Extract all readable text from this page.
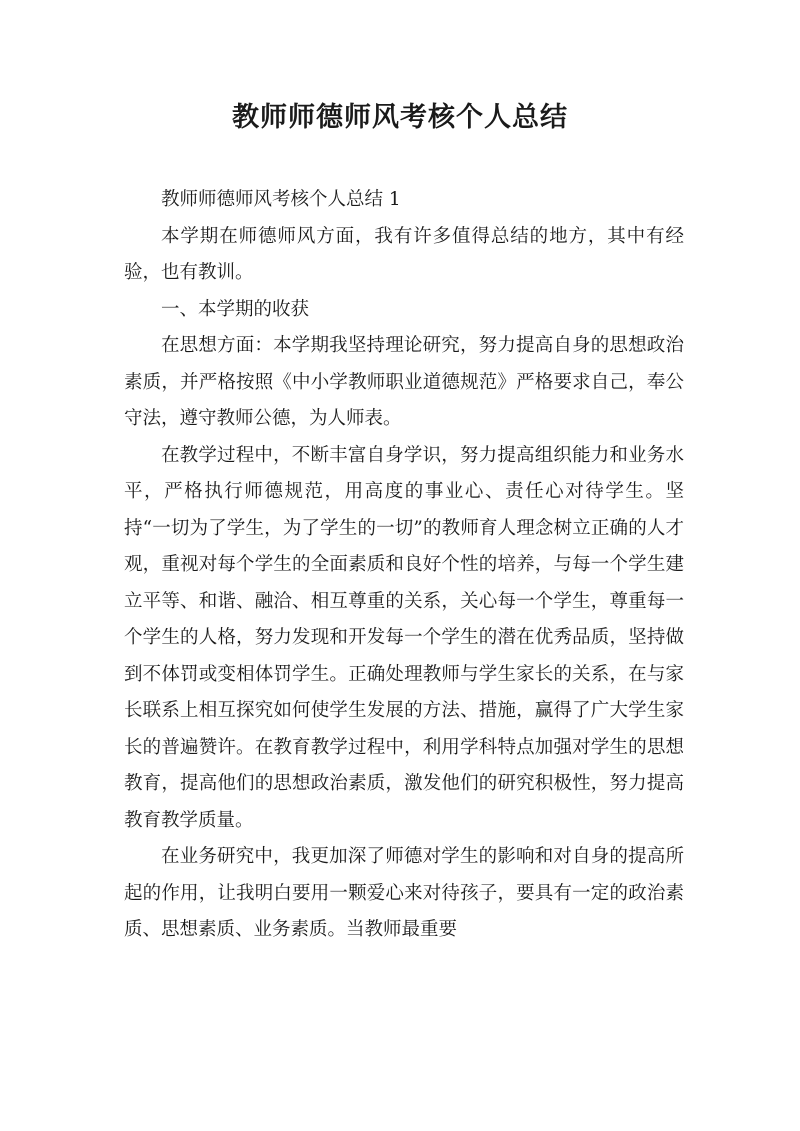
教师师德师风考核个人总结

教师师德师风考核个人总结 1

本学期在师德师风方面，我有许多值得总结的地方，其中有经验，也有教训。

一、本学期的收获

在思想方面：本学期我坚持理论研究，努力提高自身的思想政治素质，并严格按照《中小学教师职业道德规范》严格要求自己，奉公守法，遵守教师公德，为人师表。

在教学过程中，不断丰富自身学识，努力提高组织能力和业务水平，严格执行师德规范，用高度的事业心、责任心对待学生。坚持“一切为了学生，为了学生的一切”的教师育人理念树立正确的人才观，重视对每个学生的全面素质和良好个性的培养，与每一个学生建立平等、和谐、融洽、相互尊重的关系，关心每一个学生，尊重每一个学生的人格，努力发现和开发每一个学生的潜在优秀品质，坚持做到不体罚或变相体罚学生。正确处理教师与学生家长的关系，在与家长联系上相互探究如何使学生发展的方法、措施，赢得了广大学生家长的普遍赞许。在教育教学过程中，利用学科特点加强对学生的思想教育，提高他们的思想政治素质，激发他们的研究积极性，努力提高教育教学质量。

在业务研究中，我更加深了师德对学生的影响和对自身的提高所起的作用，让我明白要用一颗爱心来对待孩子，要具有一定的政治素质、思想素质、业务素质。当教师最重要
